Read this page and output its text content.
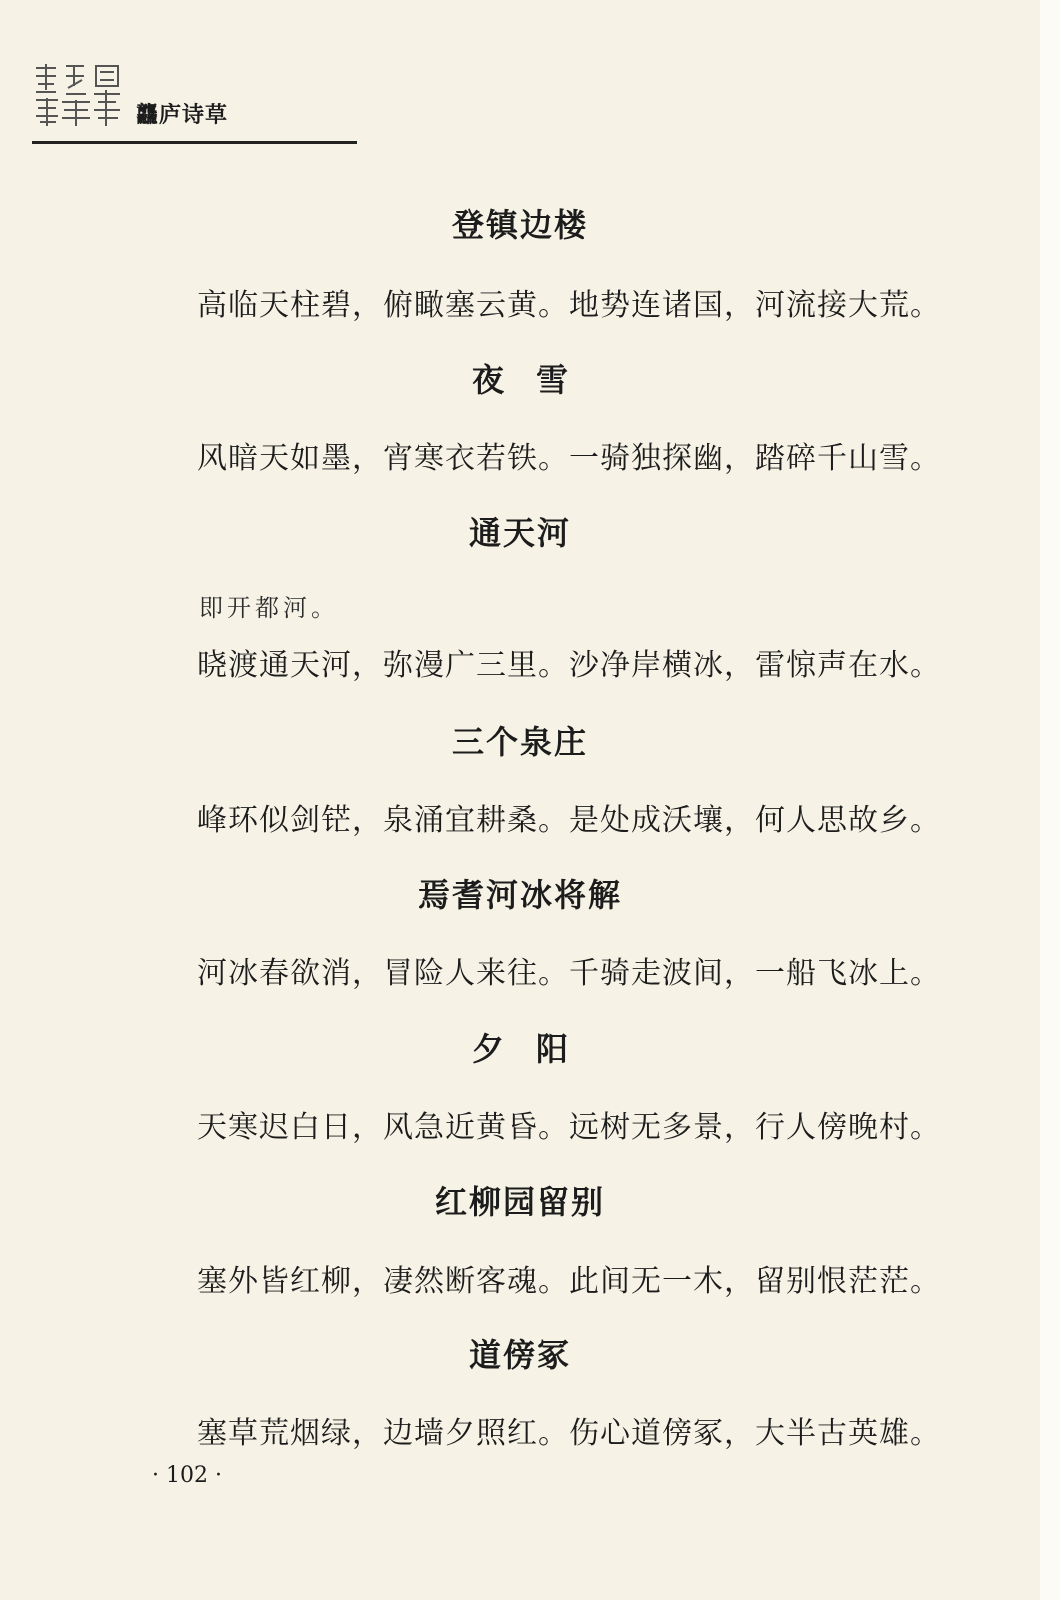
龘庐诗草
登镇边楼
高临天柱碧，俯瞰塞云黄。地势连诸国，河流接大荒。
夜　雪
风暗天如墨，宵寒衣若铁。一骑独探幽，踏碎千山雪。
通天河
即开都河。
晓渡通天河，弥漫广三里。沙净岸横冰，雷惊声在水。
三个泉庄
峰环似剑铓，泉涌宜耕桑。是处成沃壤，何人思故乡。
焉耆河冰将解
河冰春欲消，冒险人来往。千骑走波间，一船飞冰上。
夕　阳
天寒迟白日，风急近黄昏。远树无多景，行人傍晚村。
红柳园留别
塞外皆红柳，凄然断客魂。此间无一木，留别恨茫茫。
道傍冢
塞草荒烟绿，边墙夕照红。伤心道傍冢，大半古英雄。
· 102 ·
